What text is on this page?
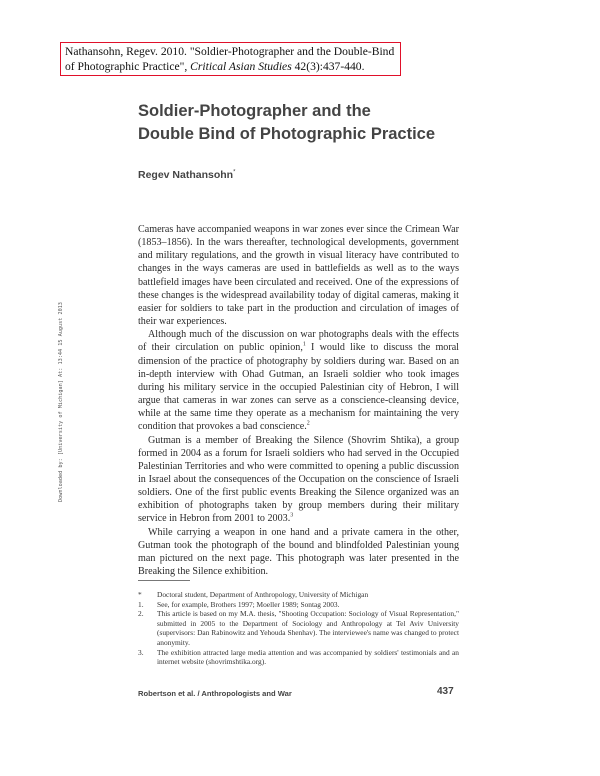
Nathansohn, Regev. 2010. "Soldier-Photographer and the Double-Bind of Photographic Practice", Critical Asian Studies 42(3):437-440.
Soldier-Photographer and the
Double Bind of Photographic Practice
Regev Nathansohn*
Downloaded by: [University of Michigan] At: 13:44 15 August 2013

Cameras have accompanied weapons in war zones ever since the Crimean War (1853–1856). In the wars thereafter, technological developments, government and military regulations, and the growth in visual literacy have contributed to changes in the ways cameras are used in battlefields as well as to the ways battlefield images have been circulated and received. One of the expressions of these changes is the widespread availability today of digital cameras, making it easier for soldiers to take part in the production and circulation of images of their war experiences.

Although much of the discussion on war photographs deals with the effects of their circulation on public opinion,$^1$ I would like to discuss the moral dimension of the practice of photography by soldiers during war. Based on an in-depth interview with Ohad Gutman, an Israeli soldier who took images during his military service in the occupied Palestinian city of Hebron, I will argue that cameras in war zones can serve as a conscience-cleansing device, while at the same time they operate as a mechanism for maintaining the very condition that provokes a bad conscience.$^2$

Gutman is a member of Breaking the Silence (Shovrim Shtika), a group formed in 2004 as a forum for Israeli soldiers who had served in the Occupied Palestinian Territories and who were committed to opening a public discussion in Israel about the consequences of the Occupation on the conscience of Israeli soldiers. One of the first public events Breaking the Silence organized was an exhibition of photographs taken by group members during their military service in Hebron from 2001 to 2003.$^3$

While carrying a weapon in one hand and a private camera in the other, Gutman took the photograph of the bound and blindfolded Palestinian young man pictured on the next page. This photograph was later presented in the Breaking the Silence exhibition.

* Doctoral student, Department of Anthropology, University of Michigan
1. See, for example, Brothers 1997; Moeller 1989; Sontag 2003.
2. This article is based on my M.A. thesis, "Shooting Occupation: Sociology of Visual Representation," submitted in 2005 to the Department of Sociology and Anthropology at Tel Aviv University (supervisors: Dan Rabinowitz and Yehouda Shenhav). The interviewee's name was changed to protect anonymity.
3. The exhibition attracted large media attention and was accompanied by soldiers' testimonials and an internet website (shovrimshtika.org).
Robertson et al. / Anthropologists and War	437
